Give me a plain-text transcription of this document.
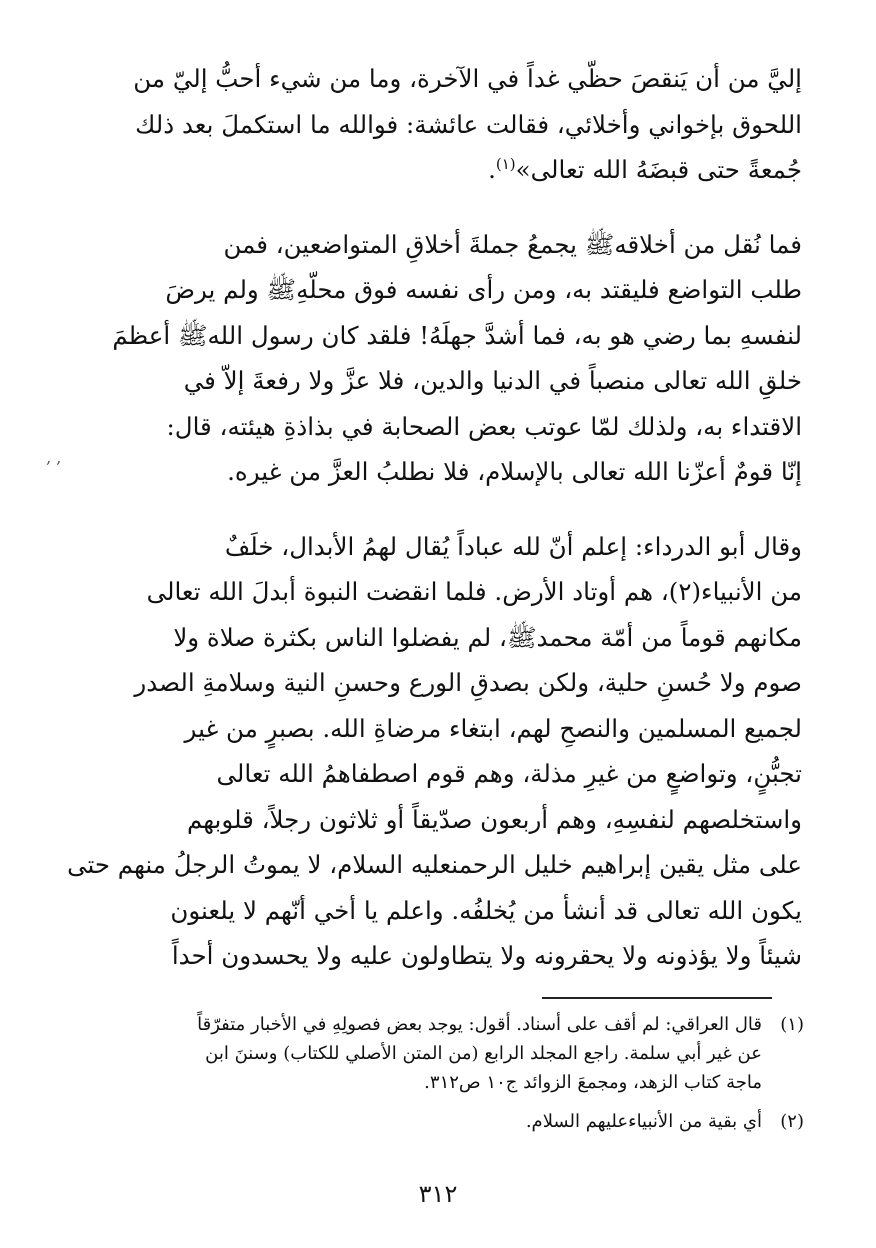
إليَّ من أن يَنقصَ حظّي غداً في الآخرة، وما من شيء أحبُّ إليّ من
اللحوق بإخواني وأخلائي، فقالت عائشة: فوالله ما استكملَ بعد ذلك
جُمعةً حتى قبضَهُ الله تعالى»$^{(١)}$.

فما نُقل من أخلاقهﷺ يجمعُ جملةَ أخلاقِ المتواضعين، فمن
طلب التواضع فليقتد به، ومن رأى نفسه فوق محلّهِﷺ ولم يرضَ
لنفسهِ بما رضي هو به، فما أشدَّ جهلَهُ! فلقد كان رسول اللهﷺ أعظمَ
خلقِ الله تعالى منصباً في الدنيا والدين، فلا عزَّ ولا رفعةَ إلاّ في
الاقتداء به، ولذلك لمّا عوتب بعض الصحابة في بذاذةِ هيئته، قال:
إنّا قومٌ أعزّنا الله تعالى بالإسلام، فلا نطلبُ العزَّ من غيره.

وقال أبو الدرداء: إعلم أنّ لله عباداً يُقال لهمُ الأبدال، خلَفٌ
من الأنبياء(٢)، هم أوتاد الأرض. فلما انقضت النبوة أبدلَ الله تعالى
مكانهم قوماً من أمّة محمدﷺ، لم يفضلوا الناس بكثرة صلاة ولا
صوم ولا حُسنِ حلية، ولكن بصدقِ الورع وحسنِ النية وسلامةِ الصدر
لجميع المسلمين والنصحِ لهم، ابتغاء مرضاةِ الله. بصبرٍ من غير
تجبُّنٍ، وتواضعٍ من غيرِ مذلة، وهم قوم اصطفاهمُ الله تعالى
واستخلصهم لنفسِهِ، وهم أربعون صدّيقاً أو ثلاثون رجلاً، قلوبهم
على مثل يقين إبراهيم خليل الرحمنعليه السلام، لا يموتُ الرجلُ منهم حتى
يكون الله تعالى قد أنشأ من يُخلفُه. واعلم يا أخي أنّهم لا يلعنون
شيئاً ولا يؤذونه ولا يحقرونه ولا يتطاولون عليه ولا يحسدون أحداً

‚ ‚
(١)
قال العراقي: لم أقف على أسناد. أقول: يوجد بعض فصولِهِ في الأخبار متفرّقاً
عن غير أبي سلمة. راجع المجلد الرابع (من المتن الأصلي للكتاب) وسننَ ابن
ماجة كتاب الزهد، ومجمعَ الزوائد ج١٠ ص٣١٢.
(٢)
أي بقية من الأنبياءعليهم السلام.
٣١٢
